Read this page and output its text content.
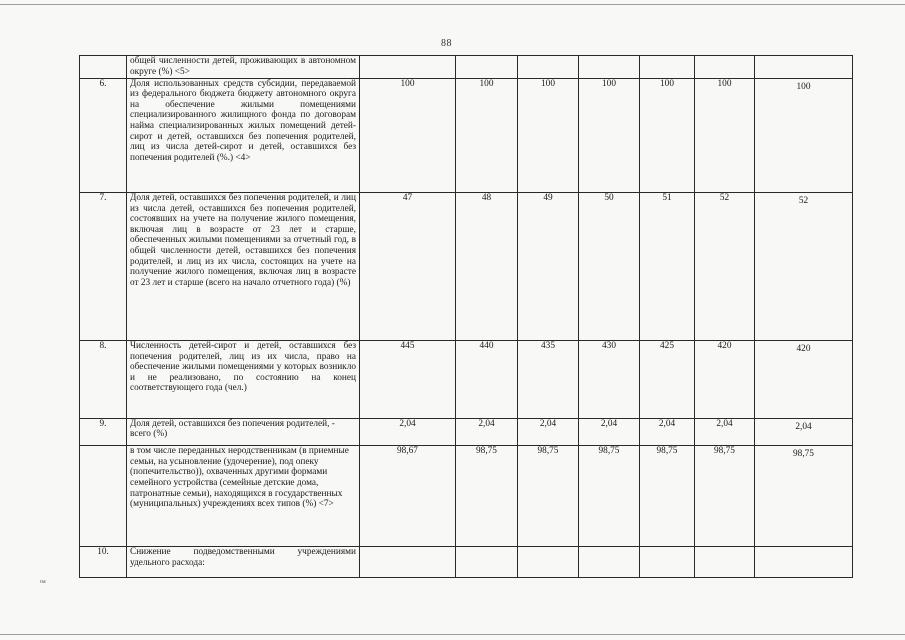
88
	общей численности детей, проживающих в автономном округе (%) <5>								
6.	Доля использованных средств субсидии, передаваемой из федерального бюджета бюджету автономного округа на обеспечение жилыми помещениями специализированного жилищного фонда по договорам найма специализированных жилых помещений детей-сирот и детей, оставшихся без попечения родителей, лиц из числа детей-сирот и детей, оставшихся без попечения родителей (%.) <4>	100	100	100	100	100	100	100	
7.	Доля детей, оставшихся без попечения родителей, и лиц из числа детей, оставшихся без попечения родителей, состоявших на учете на получение жилого помещения, включая лиц в возрасте от 23 лет и старше, обеспеченных жилыми помещениями за отчетный год, в общей численности детей, оставшихся без попечения родителей, и лиц из их числа, состоящих на учете на получение жилого помещения, включая лиц в возрасте от 23 лет и старше (всего на начало отчетного года) (%)	47	48	49	50	51	52	52	
8.	Численность детей-сирот и детей, оставшихся без попечения родителей, лиц из их числа, право на обеспечение жилыми помещениями у которых возникло и не реализовано, по состоянию на конец соответствующего года (чел.)	445	440	435	430	425	420	420	
9.	Доля детей, оставшихся без попечения родителей, - всего (%)	2,04	2,04	2,04	2,04	2,04	2,04	2,04	
	в том числе переданных неродственникам (в приемные семьи, на усыновление (удочерение), под опеку (попечительство)), охваченных другими формами семейного устройства (семейные детские дома, патронатные семьи), находящихся в государственных (муниципальных) учреждениях всех типов (%) <7>	98,67	98,75	98,75	98,75	98,75	98,75	98,75	
10.	Снижение подведомственными учреждениями удельного расхода:								
oa
